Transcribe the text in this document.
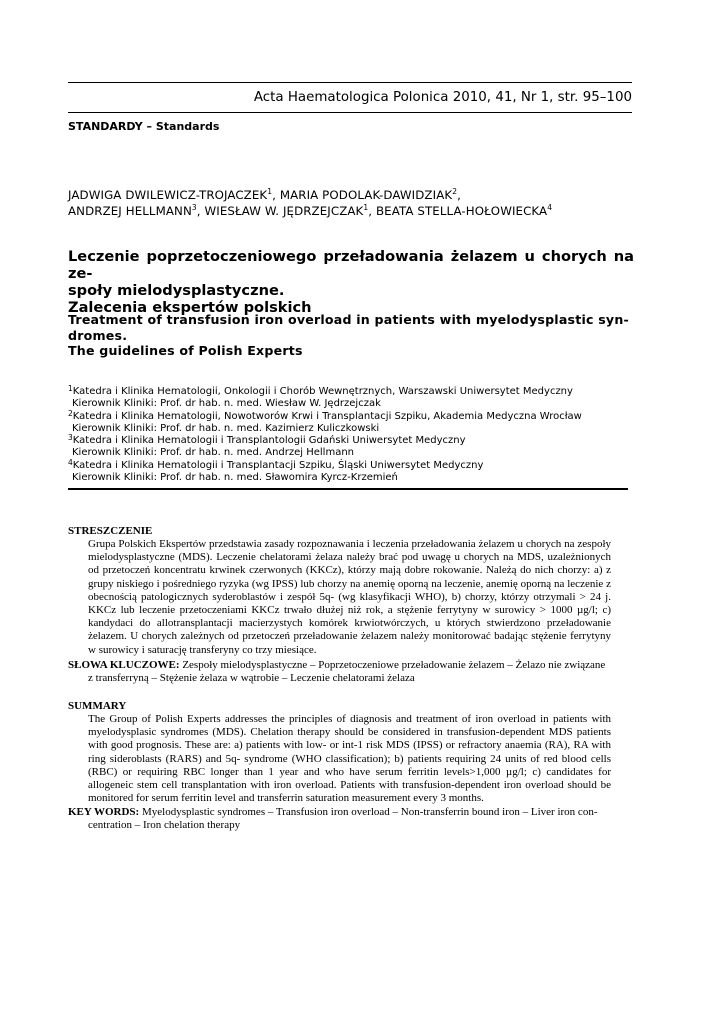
Acta Haematologica Polonica 2010, 41, Nr 1, str. 95–100
STANDARDY – Standards
JADWIGA DWILEWICZ-TROJACZEK$^1$, MARIA PODOLAK-DAWIDZIAK$^2$,
ANDRZEJ HELLMANN$^3$, WIESŁAW W. JĘDRZEJCZAK$^1$, BEATA STELLA-HOŁOWIECKA$^4$
Leczenie poprzetoczeniowego przeładowania żelazem u chorych na ze-
społy mielodysplastyczne.
Zalecenia ekspertów polskich
Treatment of transfusion iron overload in patients with myelodysplastic syn-
dromes.
The guidelines of Polish Experts
$^1$Katedra i Klinika Hematologii, Onkologii i Chorób Wewnętrznych, Warszawski Uniwersytet Medyczny
Kierownik Kliniki: Prof. dr hab. n. med. Wiesław W. Jędrzejczak
$^2$Katedra i Klinika Hematologii, Nowotworów Krwi i Transplantacji Szpiku, Akademia Medyczna Wrocław
Kierownik Kliniki: Prof. dr hab. n. med. Kazimierz Kuliczkowski
$^3$Katedra i Klinika Hematologii i Transplantologii Gdański Uniwersytet Medyczny
Kierownik Kliniki: Prof. dr hab. n. med. Andrzej Hellmann
$^4$Katedra i Klinika Hematologii i Transplantacji Szpiku, Śląski Uniwersytet Medyczny
Kierownik Kliniki: Prof. dr hab. n. med. Sławomira Kyrcz-Krzemień
STRESZCZENIE
Grupa Polskich Ekspertów przedstawia zasady rozpoznawania i leczenia przeładowania żelazem u chorych na zespoły mielodysplastyczne (MDS). Leczenie chelatorami żelaza należy brać pod uwagę u chorych na MDS, uzależnionych od przetoczeń koncentratu krwinek czerwonych (KKCz), którzy mają dobre rokowanie. Należą do nich chorzy: a) z grupy niskiego i pośredniego ryzyka (wg IPSS) lub chorzy na anemię oporną na leczenie, anemię oporną na leczenie z obecnością patologicznych syderoblastów i zespół 5q- (wg klasyfikacji WHO), b) chorzy, którzy otrzymali > 24 j. KKCz lub leczenie przetoczeniami KKCz trwało dłużej niż rok, a stężenie ferrytyny w surowicy > 1000 µg/l; c) kandydaci do allotransplantacji macierzystych komórek krwiotwórczych, u których stwierdzono przeładowanie żelazem. U chorych zależnych od przetoczeń przeładowanie żelazem należy monitorować badając stężenie ferrytyny w surowicy i saturację transferyny co trzy miesiące.
SŁOWA KLUCZOWE: Zespoły mielodysplastyczne – Poprzetoczeniowe przeładowanie żelazem – Żelazo nie związane
z transferryną – Stężenie żelaza w wątrobie – Leczenie chelatorami żelaza
SUMMARY
The Group of Polish Experts addresses the principles of diagnosis and treatment of iron overload in patients with myelodysplasic syndromes (MDS). Chelation therapy should be considered in transfusion-dependent MDS patients with good prognosis. These are: a) patients with low- or int-1 risk MDS (IPSS) or refractory anaemia (RA), RA with ring sideroblasts (RARS) and 5q- syndrome (WHO classification); b) patients requiring 24 units of red blood cells (RBC) or requiring RBC longer than 1 year and who have serum ferritin levels>1,000 µg/l; c) candidates for allogeneic stem cell transplantation with iron overload. Patients with transfusion-dependent iron overload should be monitored for serum ferritin level and transferrin saturation measurement every 3 months.
KEY WORDS: Myelodysplastic syndromes – Transfusion iron overload – Non-transferrin bound iron – Liver iron con-
centration – Iron chelation therapy
